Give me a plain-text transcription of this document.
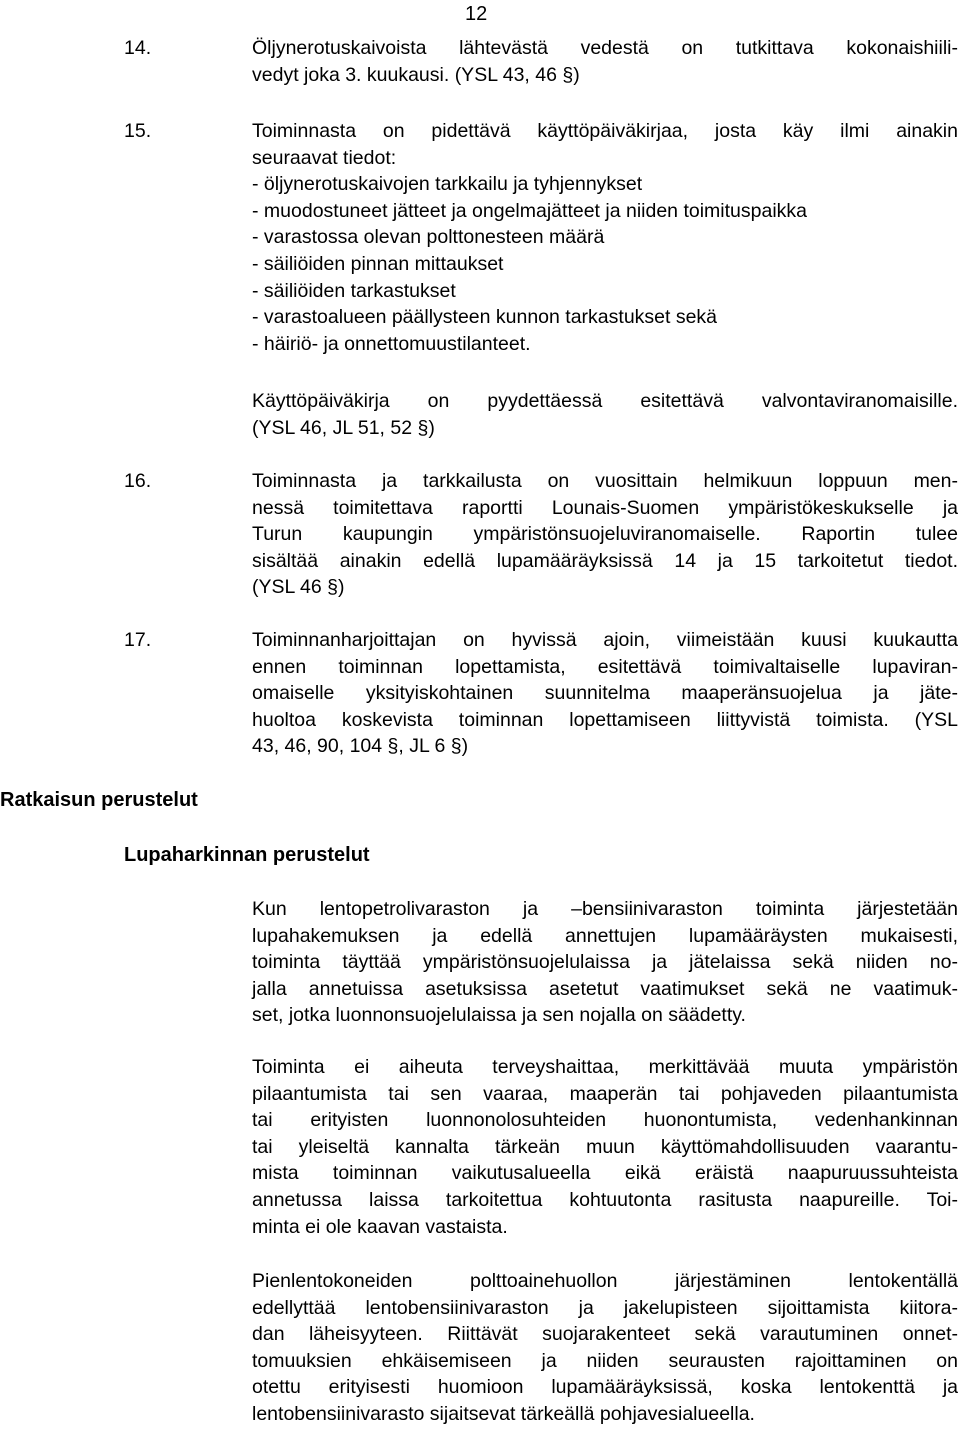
12
14.	Öljynerotuskaivoista lähtevästä vedestä on tutkittava kokonaishiili-
vedyt joka 3. kuukausi. (YSL 43, 46 §)
15.	Toiminnasta on pidettävä käyttöpäiväkirjaa, josta käy ilmi ainakin
seuraavat tiedot:
- öljynerotuskaivojen tarkkailu ja tyhjennykset
- muodostuneet jätteet ja ongelmajätteet ja niiden toimituspaikka
- varastossa olevan polttonesteen määrä
- säiliöiden pinnan mittaukset
- säiliöiden tarkastukset
- varastoalueen päällysteen kunnon tarkastukset sekä
- häiriö- ja onnettomuustilanteet.
Käyttöpäiväkirja on pyydettäessä esitettävä valvontaviranomaisille.
(YSL 46, JL 51, 52 §)
16.	Toiminnasta ja tarkkailusta on vuosittain helmikuun loppuun men-
nessä toimitettava raportti Lounais-Suomen ympäristökeskukselle ja
Turun kaupungin ympäristönsuojeluviranomaiselle. Raportin tulee
sisältää ainakin edellä lupamääräyksissä 14 ja 15 tarkoitetut tiedot.
(YSL 46 §)
17.	Toiminnanharjoittajan on hyvissä ajoin, viimeistään kuusi kuukautta
ennen toiminnan lopettamista, esitettävä toimivaltaiselle lupaviran-
omaiselle yksityiskohtainen suunnitelma maaperänsuojelua ja jäte-
huoltoa koskevista toiminnan lopettamiseen liittyvistä toimista. (YSL
43, 46, 90, 104 §, JL 6 §)
Ratkaisun perustelut
Lupaharkinnan perustelut
Kun lentopetrolivaraston ja –bensiinivaraston toiminta järjestetään
lupahakemuksen ja edellä annettujen lupamääräysten mukaisesti,
toiminta täyttää ympäristönsuojelulaissa ja jätelaissa sekä niiden no-
jalla annetuissa asetuksissa asetetut vaatimukset sekä ne vaatimuk-
set, jotka luonnonsuojelulaissa ja sen nojalla on säädetty.
Toiminta ei aiheuta terveyshaittaa, merkittävää muuta ympäristön
pilaantumista tai sen vaaraa, maaperän tai pohjaveden pilaantumista
tai erityisten luonnonolosuhteiden huonontumista, vedenhankinnan
tai yleiseltä kannalta tärkeän muun käyttömahdollisuuden vaarantu-
mista toiminnan vaikutusalueella eikä eräistä naapuruussuhteista
annetussa laissa tarkoitettua kohtuutonta rasitusta naapureille. Toi-
minta ei ole kaavan vastaista.
Pienlentokoneiden polttoainehuollon järjestäminen lentokentällä
edellyttää lentobensiinivaraston ja jakelupisteen sijoittamista kiitora-
dan läheisyyteen. Riittävät suojarakenteet sekä varautuminen onnet-
tomuuksien ehkäisemiseen ja niiden seurausten rajoittaminen on
otettu erityisesti huomioon lupamääräyksissä, koska lentokenttä ja
lentobensiinivarasto sijaitsevat tärkeällä pohjavesialueella.
